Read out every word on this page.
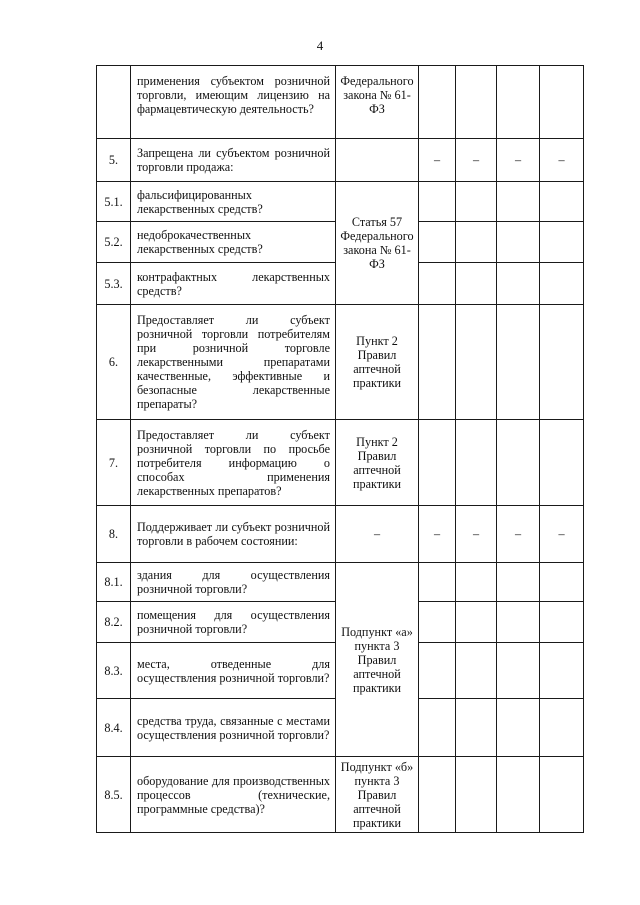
4
	применения субъектом розничной торговли, имеющим лицензию на фармацевтическую деятельность?	Федерального закона № 61-ФЗ				
5.	Запрещена ли субъектом розничной торговли продажа:		–	–	–	–
5.1.	фальсифицированных лекарственных средств?	Статья 57 Федерального закона № 61-ФЗ				
5.2.	недоброкачественных лекарственных средств?					
5.3.	контрафактных лекарственных средств?					
6.	Предоставляет ли субъект розничной торговли потребителям при розничной торговле лекарственными препаратами качественные, эффективные и безопасные лекарственные препараты?	Пункт 2 Правил аптечной практики				
7.	Предоставляет ли субъект розничной торговли по просьбе потребителя информацию о способах применения лекарственных препаратов?	Пункт 2 Правил аптечной практики				
8.	Поддерживает ли субъект розничной торговли в рабочем состоянии:	–	–	–	–	–
8.1.	здания для осуществления розничной торговли?	Подпункт «а» пункта 3 Правил аптечной практики				
8.2.	помещения для осуществления розничной торговли?					
8.3.	места, отведенные для осуществления розничной торговли?					
8.4.	средства труда, связанные с местами осуществления розничной торговли?					
8.5.	оборудование для производственных процессов (технические, программные средства)?	Подпункт «б» пункта 3 Правил аптечной практики				
